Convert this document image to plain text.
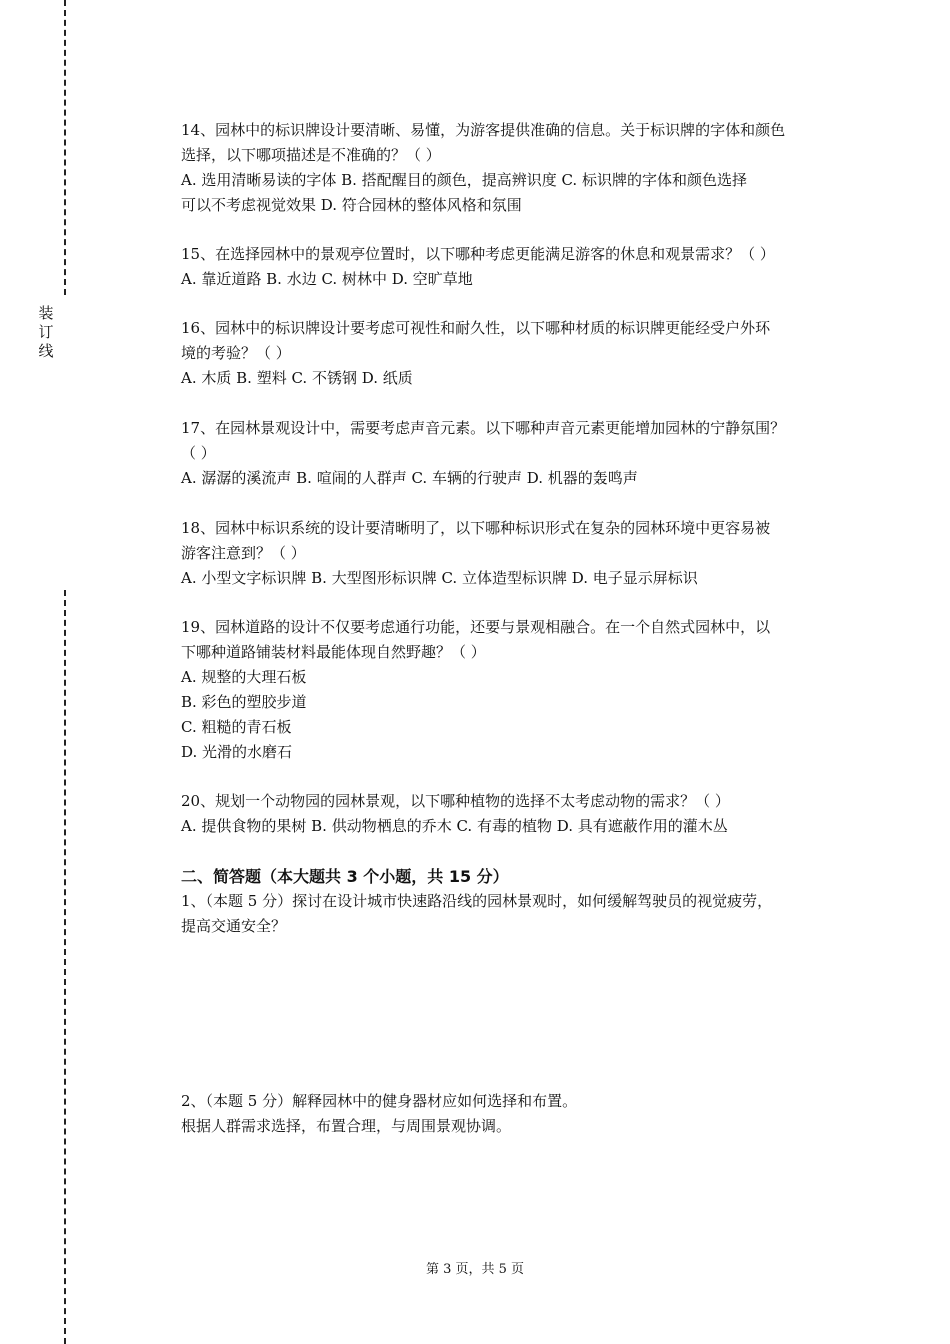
装订线
14、园林中的标识牌设计要清晰、易懂，为游客提供准确的信息。关于标识牌的字体和颜色
选择，以下哪项描述是不准确的？（ ）
A. 选用清晰易读的字体 B. 搭配醒目的颜色，提高辨识度 C. 标识牌的字体和颜色选择
可以不考虑视觉效果 D. 符合园林的整体风格和氛围
15、在选择园林中的景观亭位置时，以下哪种考虑更能满足游客的休息和观景需求？（ ）
A. 靠近道路 B. 水边 C. 树林中 D. 空旷草地
16、园林中的标识牌设计要考虑可视性和耐久性，以下哪种材质的标识牌更能经受户外环
境的考验？（ ）
A. 木质 B. 塑料 C. 不锈钢 D. 纸质
17、在园林景观设计中，需要考虑声音元素。以下哪种声音元素更能增加园林的宁静氛围？
（ ）
A. 潺潺的溪流声 B. 喧闹的人群声 C. 车辆的行驶声 D. 机器的轰鸣声
18、园林中标识系统的设计要清晰明了，以下哪种标识形式在复杂的园林环境中更容易被
游客注意到？（ ）
A. 小型文字标识牌 B. 大型图形标识牌 C. 立体造型标识牌 D. 电子显示屏标识
19、园林道路的设计不仅要考虑通行功能，还要与景观相融合。在一个自然式园林中，以
下哪种道路铺装材料最能体现自然野趣？（ ）
A. 规整的大理石板
B. 彩色的塑胶步道
C. 粗糙的青石板
D. 光滑的水磨石
20、规划一个动物园的园林景观，以下哪种植物的选择不太考虑动物的需求？（ ）
A. 提供食物的果树 B. 供动物栖息的乔木 C. 有毒的植物 D. 具有遮蔽作用的灌木丛
二、简答题（本大题共 3 个小题，共 15 分）
1、（本题 5 分）探讨在设计城市快速路沿线的园林景观时，如何缓解驾驶员的视觉疲劳，
提高交通安全？
2、（本题 5 分）解释园林中的健身器材应如何选择和布置。
根据人群需求选择，布置合理，与周围景观协调。
第 3 页，共 5 页
